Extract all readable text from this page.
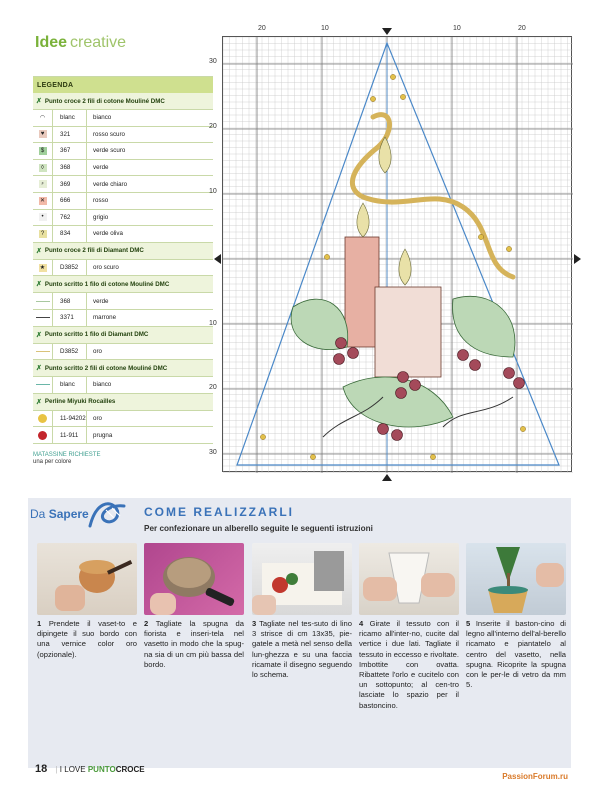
Idee creative
LEGENDA
✗ Punto croce 2 fili di cotone Mouliné DMC
◠	blanc	bianco
♥	321	rosso scuro
$	367	verde scuro
◊	368	verde
⸗	369	verde chiaro
✕	666	rosso
•	762	grigio
?	834	verde oliva
✗ Punto croce 2 fili di Diamant DMC
★	D3852	oro scuro
✗ Punto scritto 1 filo di cotone Mouliné DMC
368	verde
3371	marrone
✗ Punto scritto 1 filo di Diamant DMC
D3852	oro
✗ Punto scritto 2 fili di cotone Mouliné DMC
blanc	bianco
✗ Perline Miyuki Rocailles
11-94202	oro
11-911	prugna
MATASSINE RICHIESTE
una per colore
20	10	10	20
30
20
10
10
20
30
Da Sapere	COME REALIZZARLI
Per confezionare un alberello seguite le seguenti istruzioni
1 Prendete il vaset-to e dipingete il suo bordo con una vernice color oro (opzionale).
2 Tagliate la spugna da fiorista e inseri-tela nel vasetto in modo che la spug-na sia di un cm più bassa del bordo.
3 Tagliate nel tes-suto di lino 3 strisce di cm 13x35, pie-gatele a metà nel senso della lun-ghezza e su una faccia ricamate il disegno seguendo lo schema.
4 Girate il tessuto con il ricamo all'inter-no, cucite dal vertice i due lati. Tagliate il tessuto in eccesso e rivoltate. Imbottite con ovatta. Ribattete l'orlo e cucitelo con un sottopunto; al cen-tro lasciate lo spazio per il bastoncino.
5 Inserite il baston-cino di legno all'interno dell'al-berello ricamato e piantatelo al centro del vasetto, nella spugna. Ricoprite la spugna con le per-le di vetro da mm 5.
18 | I LOVE PUNTOCROCE
PassionForum.ru
